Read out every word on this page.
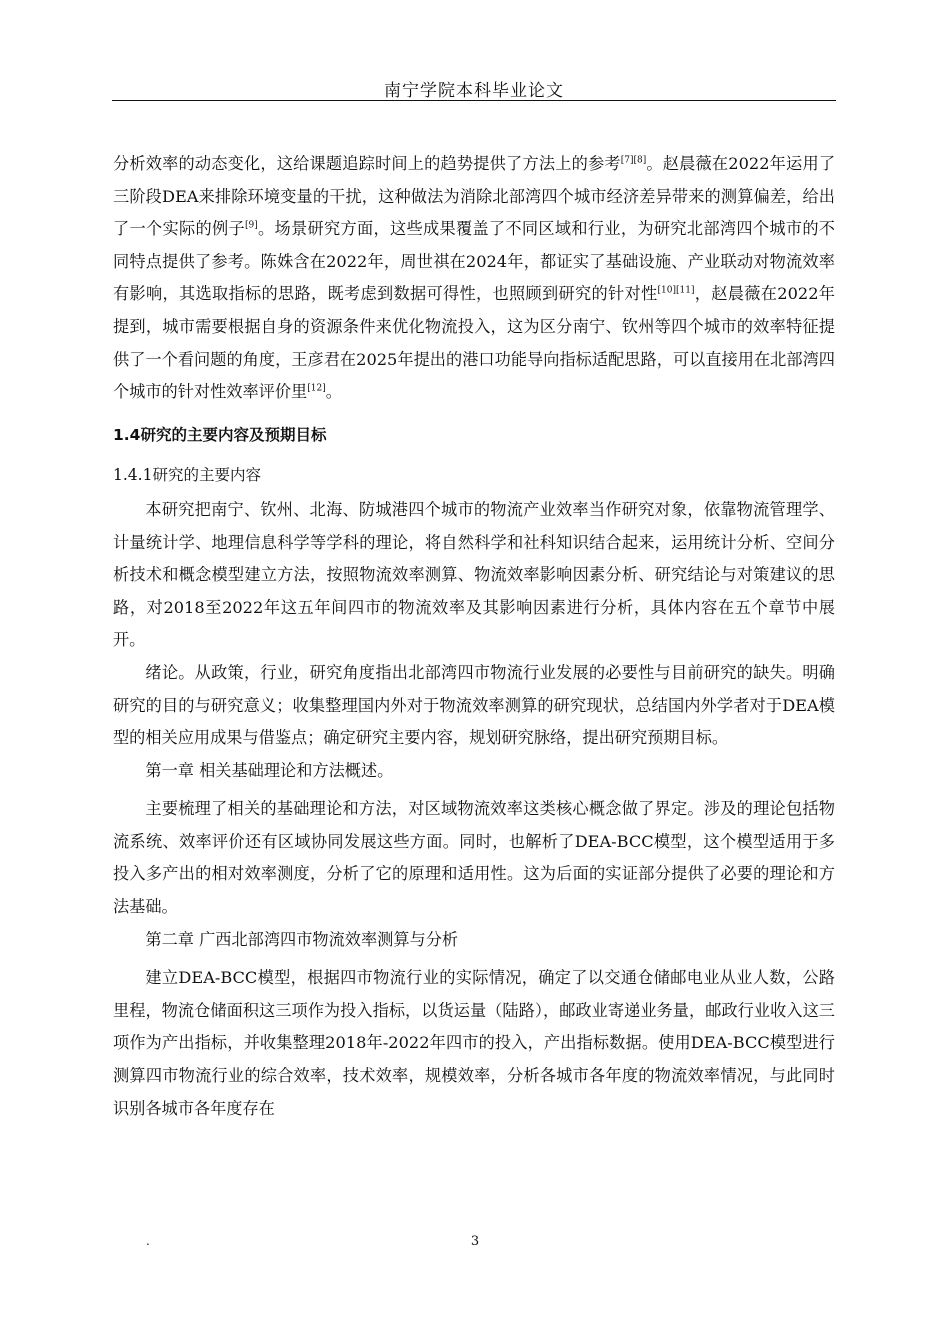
南宁学院本科毕业论文

分析效率的动态变化，这给课题追踪时间上的趋势提供了方法上的参考[7][8]。赵晨薇在2022年运用了三阶段DEA来排除环境变量的干扰，这种做法为消除北部湾四个城市经济差异带来的测算偏差，给出了一个实际的例子[9]。场景研究方面，这些成果覆盖了不同区域和行业，为研究北部湾四个城市的不同特点提供了参考。陈姝含在2022年，周世祺在2024年，都证实了基础设施、产业联动对物流效率有影响，其选取指标的思路，既考虑到数据可得性，也照顾到研究的针对性[10][11]，赵晨薇在2022年提到，城市需要根据自身的资源条件来优化物流投入，这为区分南宁、钦州等四个城市的效率特征提供了一个看问题的角度，王彦君在2025年提出的港口功能导向指标适配思路，可以直接用在北部湾四个城市的针对性效率评价里[12]。

1.4研究的主要内容及预期目标

1.4.1研究的主要内容

本研究把南宁、钦州、北海、防城港四个城市的物流产业效率当作研究对象，依靠物流管理学、计量统计学、地理信息科学等学科的理论，将自然科学和社科知识结合起来，运用统计分析、空间分析技术和概念模型建立方法，按照物流效率测算、物流效率影响因素分析、研究结论与对策建议的思路，对2018至2022年这五年间四市的物流效率及其影响因素进行分析，具体内容在五个章节中展开。

绪论。从政策，行业，研究角度指出北部湾四市物流行业发展的必要性与目前研究的缺失。明确研究的目的与研究意义；收集整理国内外对于物流效率测算的研究现状，总结国内外学者对于DEA模型的相关应用成果与借鉴点；确定研究主要内容，规划研究脉络，提出研究预期目标。

第一章 相关基础理论和方法概述。

主要梳理了相关的基础理论和方法，对区域物流效率这类核心概念做了界定。涉及的理论包括物流系统、效率评价还有区域协同发展这些方面。同时，也解析了DEA-BCC模型，这个模型适用于多投入多产出的相对效率测度，分析了它的原理和适用性。这为后面的实证部分提供了必要的理论和方法基础。

第二章 广西北部湾四市物流效率测算与分析

建立DEA-BCC模型，根据四市物流行业的实际情况，确定了以交通仓储邮电业从业人数，公路里程，物流仓储面积这三项作为投入指标，以货运量（陆路），邮政业寄递业务量，邮政行业收入这三项作为产出指标，并收集整理2018年-2022年四市的投入，产出指标数据。使用DEA-BCC模型进行测算四市物流行业的综合效率，技术效率，规模效率，分析各城市各年度的物流效率情况，与此同时识别各城市各年度存在

.	3
